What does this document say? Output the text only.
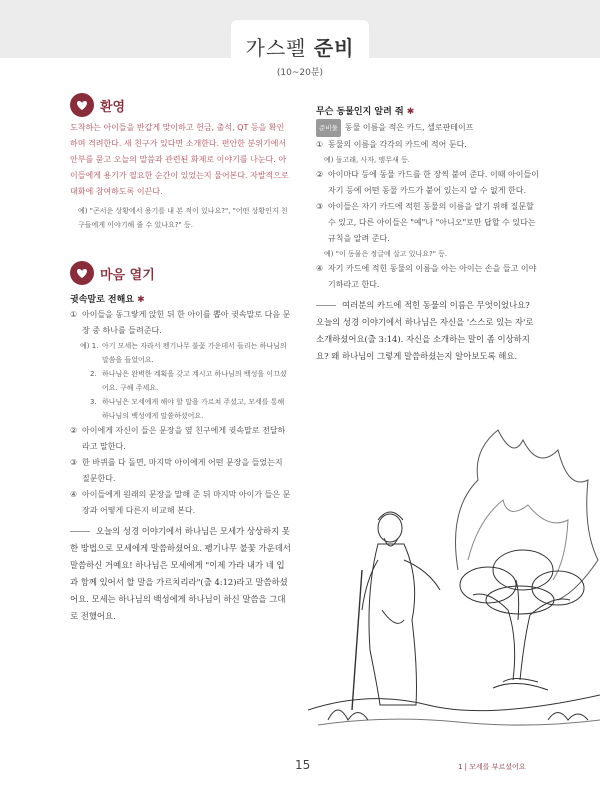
가스펠 준비
(10~20분)
환영

도착하는 아이들을 반갑게 맞이하고 헌금, 출석, QT 등을 확인하며 격려한다. 새 친구가 있다면 소개한다. 편안한 분위기에서 안부를 묻고 오늘의 말씀과 관련된 화제로 이야기를 나눈다. 아이들에게 용기가 필요한 순간이 있었는지 물어본다. 자발적으로 대화에 참여하도록 이끈다.

예) "곤서운 상황에서 용기를 내 본 적이 있나요?", "어떤 상황인지 친구들에게 이야기해 줄 수 있나요?" 등.
마음 열기
귓속말로 전해요 ✱
① 아이들을 동그랗게 앉힌 뒤 한 아이를 뽑아 귓속말로 다음 문장 중 하나를 들려준다.
예) 1. 아기 모세는 자라서 펭기나무 불꽃 가운데서 들리는 하나님의 말씀을 들었어요.
2. 하나님은 완벽한 계획을 갖고 계시고 하나님의 백성을 이끄셨어요. 구해 주세요.
3. 하나님은 모세에게 해야 할 말을 가르쳐 주셨고, 모세를 통해 하나님의 백성에게 말씀하셨어요.
② 아이에게 자신이 들은 문장을 옆 친구에게 귓속말로 전달하라고 말한다.
③ 한 바퀴를 다 돌면, 마지막 아이에게 어떤 문장을 들었는지 질문한다.
④ 아이들에게 원래의 문장을 말해 준 뒤 마지막 아이가 들은 문장과 어떻게 다른지 비교해 본다.
오늘의 성경 이야기에서 하나님은 모세가 상상하지 못한 방법으로 모세에게 말씀하셨어요. 펭기나무 불꽃 가운데서 말씀하신 거예요! 하나님은 모세에게 "이제 가라 내가 네 입과 함께 있어서 할 말을 가르치리라"(출 4:12)라고 말씀하셨어요. 모세는 하나님의 백성에게 하나님이 하신 말씀을 그대로 전했어요.
무슨 동물인지 알려 줘 ✱
준비물 동물 이름을 적은 카드, 셀로판테이프
① 동물의 이름을 각각의 카드에 적어 둔다.
예) 돌고래, 사자, 앵무새 등.
② 아이마다 등에 동물 카드를 한 장씩 붙여 준다. 이때 아이들이 자기 등에 어떤 동물 카드가 붙어 있는지 알 수 없게 한다.
③ 아이들은 자기 카드에 적힌 동물의 이름을 알기 위해 질문할 수 있고, 다른 아이들은 "예"나 "아니오"로만 답할 수 있다는 규칙을 알려 준다.
예) "이 동물은 정글에 살고 있나요?" 등.
④ 자기 카드에 적힌 동물의 이름을 아는 아이는 손을 들고 이야기하라고 한다.
여러분의 카드에 적힌 동물의 이름은 무엇이었나요? 오늘의 성경 이야기에서 하나님은 자신을 '스스로 있는 자'로 소개하셨어요(출 3:14). 자신을 소개하는 말이 좀 이상하지요? 왜 하나님이 그렇게 말씀하셨는지 알아보도록 해요.
15	1 | 모세를 부르셨어요
